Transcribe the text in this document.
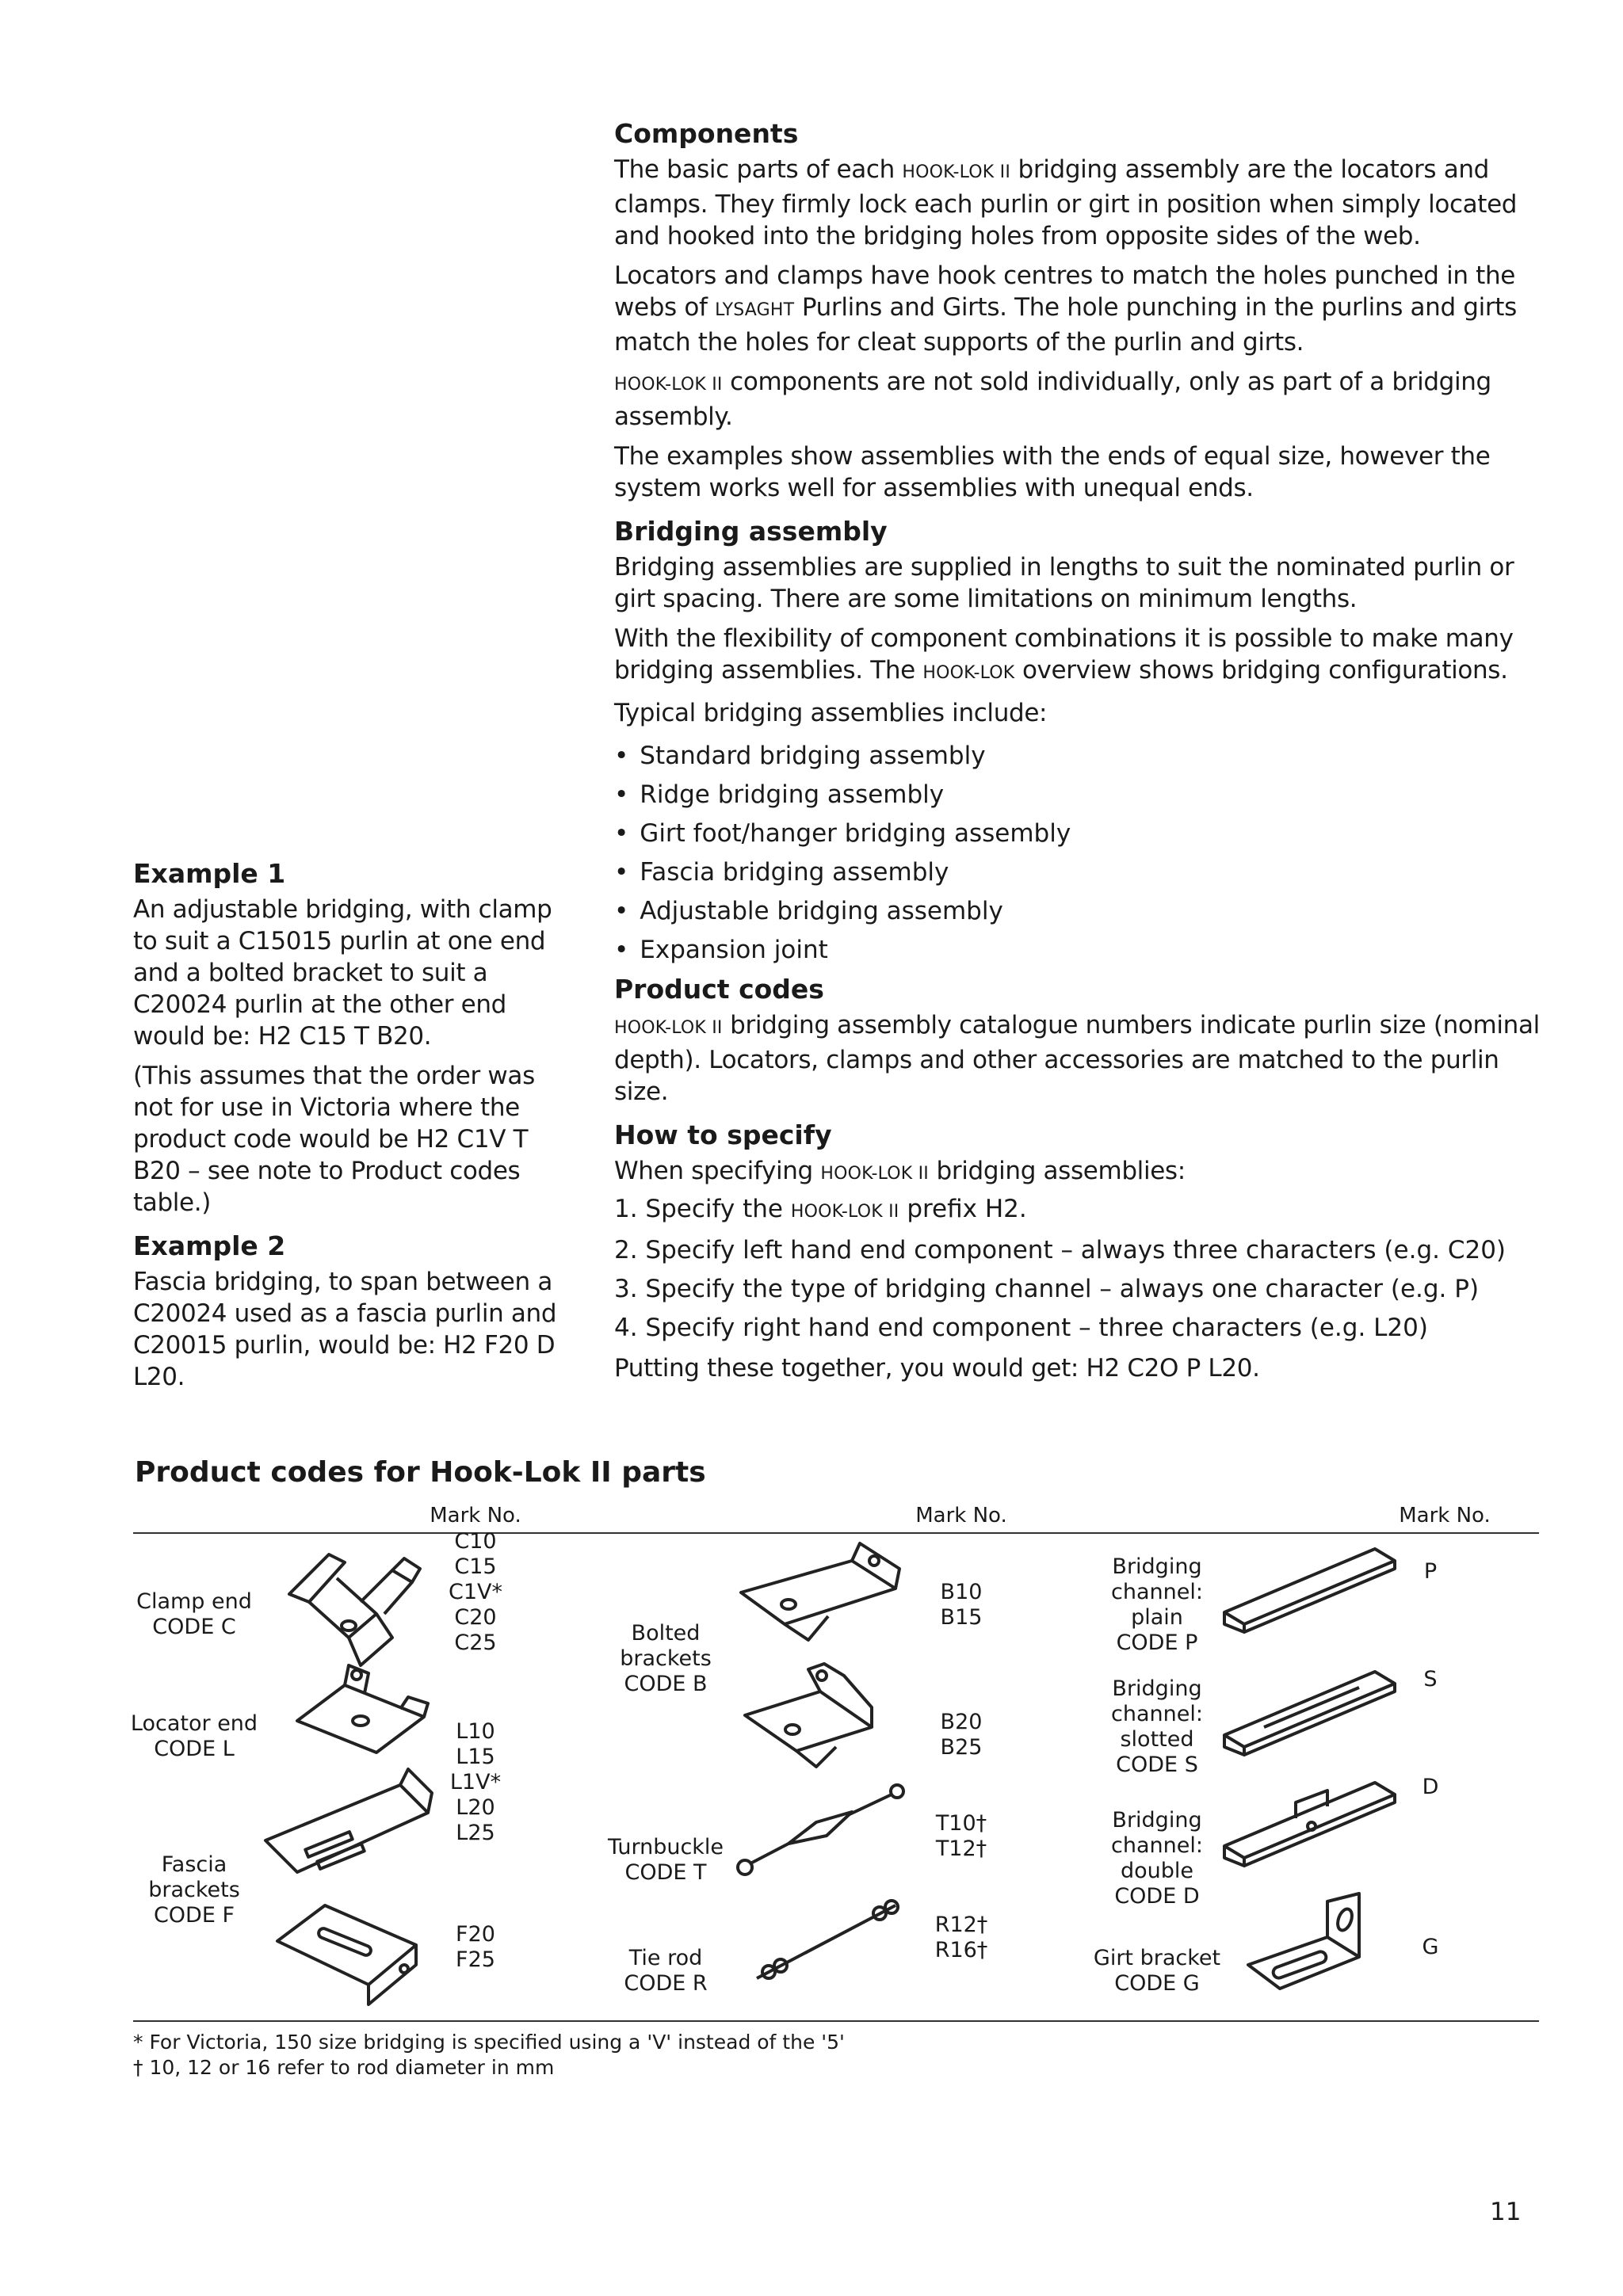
Components

The basic parts of each HOOK-LOK II bridging assembly are the locators and clamps. They firmly lock each purlin or girt in position when simply located and hooked into the bridging holes from opposite sides of the web.

Locators and clamps have hook centres to match the holes punched in the webs of LYSAGHT Purlins and Girts. The hole punching in the purlins and girts match the holes for cleat supports of the purlin and girts.

HOOK-LOK II components are not sold individually, only as part of a bridging assembly.

The examples show assemblies with the ends of equal size, however the system works well for assemblies with unequal ends.

Bridging assembly

Bridging assemblies are supplied in lengths to suit the nominated purlin or girt spacing. There are some limitations on minimum lengths.

With the flexibility of component combinations it is possible to make many bridging assemblies. The HOOK-LOK overview shows bridging configurations.

Typical bridging assemblies include:

• Standard bridging assembly
• Ridge bridging assembly
• Girt foot/hanger bridging assembly
• Fascia bridging assembly
• Adjustable bridging assembly
• Expansion joint
Product codes

HOOK-LOK II bridging assembly catalogue numbers indicate purlin size (nominal depth). Locators, clamps and other accessories are matched to the purlin size.

How to specify

When specifying HOOK-LOK II bridging assemblies:

1. Specify the HOOK-LOK II prefix H2.
2. Specify left hand end component – always three characters (e.g. C20)
3. Specify the type of bridging channel – always one character (e.g. P)
4. Specify right hand end component – three characters (e.g. L20)

Putting these together, you would get: H2 C2O P L20.

Example 1

An adjustable bridging, with clamp to suit a C15015 purlin at one end and a bolted bracket to suit a C20024 purlin at the other end would be: H2 C15 T B20.

(This assumes that the order was not for use in Victoria where the product code would be H2 C1V T B20 – see note to Product codes table.)

Example 2

Fascia bridging, to span between a C20024 used as a fascia purlin and C20015 purlin, would be: H2 F20 D L20.

Product codes for Hook-Lok II parts
Mark No.	Mark No.	Mark No.
Clamp end
CODE C
C10
C15
C1V*
C20
C25
Locator end
CODE L
L10
L15
L1V*
L20
L25
Fascia
brackets
CODE F
F20
F25
Bolted
brackets
CODE B
B10
B15
B20
B25
Turnbuckle
CODE T
T10†
T12†
Tie rod
CODE R
R12†
R16†
Bridging
channel:
plain
CODE P
P
Bridging
channel:
slotted
CODE S
S
Bridging
channel:
double
CODE D
D
Girt bracket
CODE G
G
* For Victoria, 150 size bridging is specified using a 'V' instead of the '5'
† 10, 12 or 16 refer to rod diameter in mm
11
